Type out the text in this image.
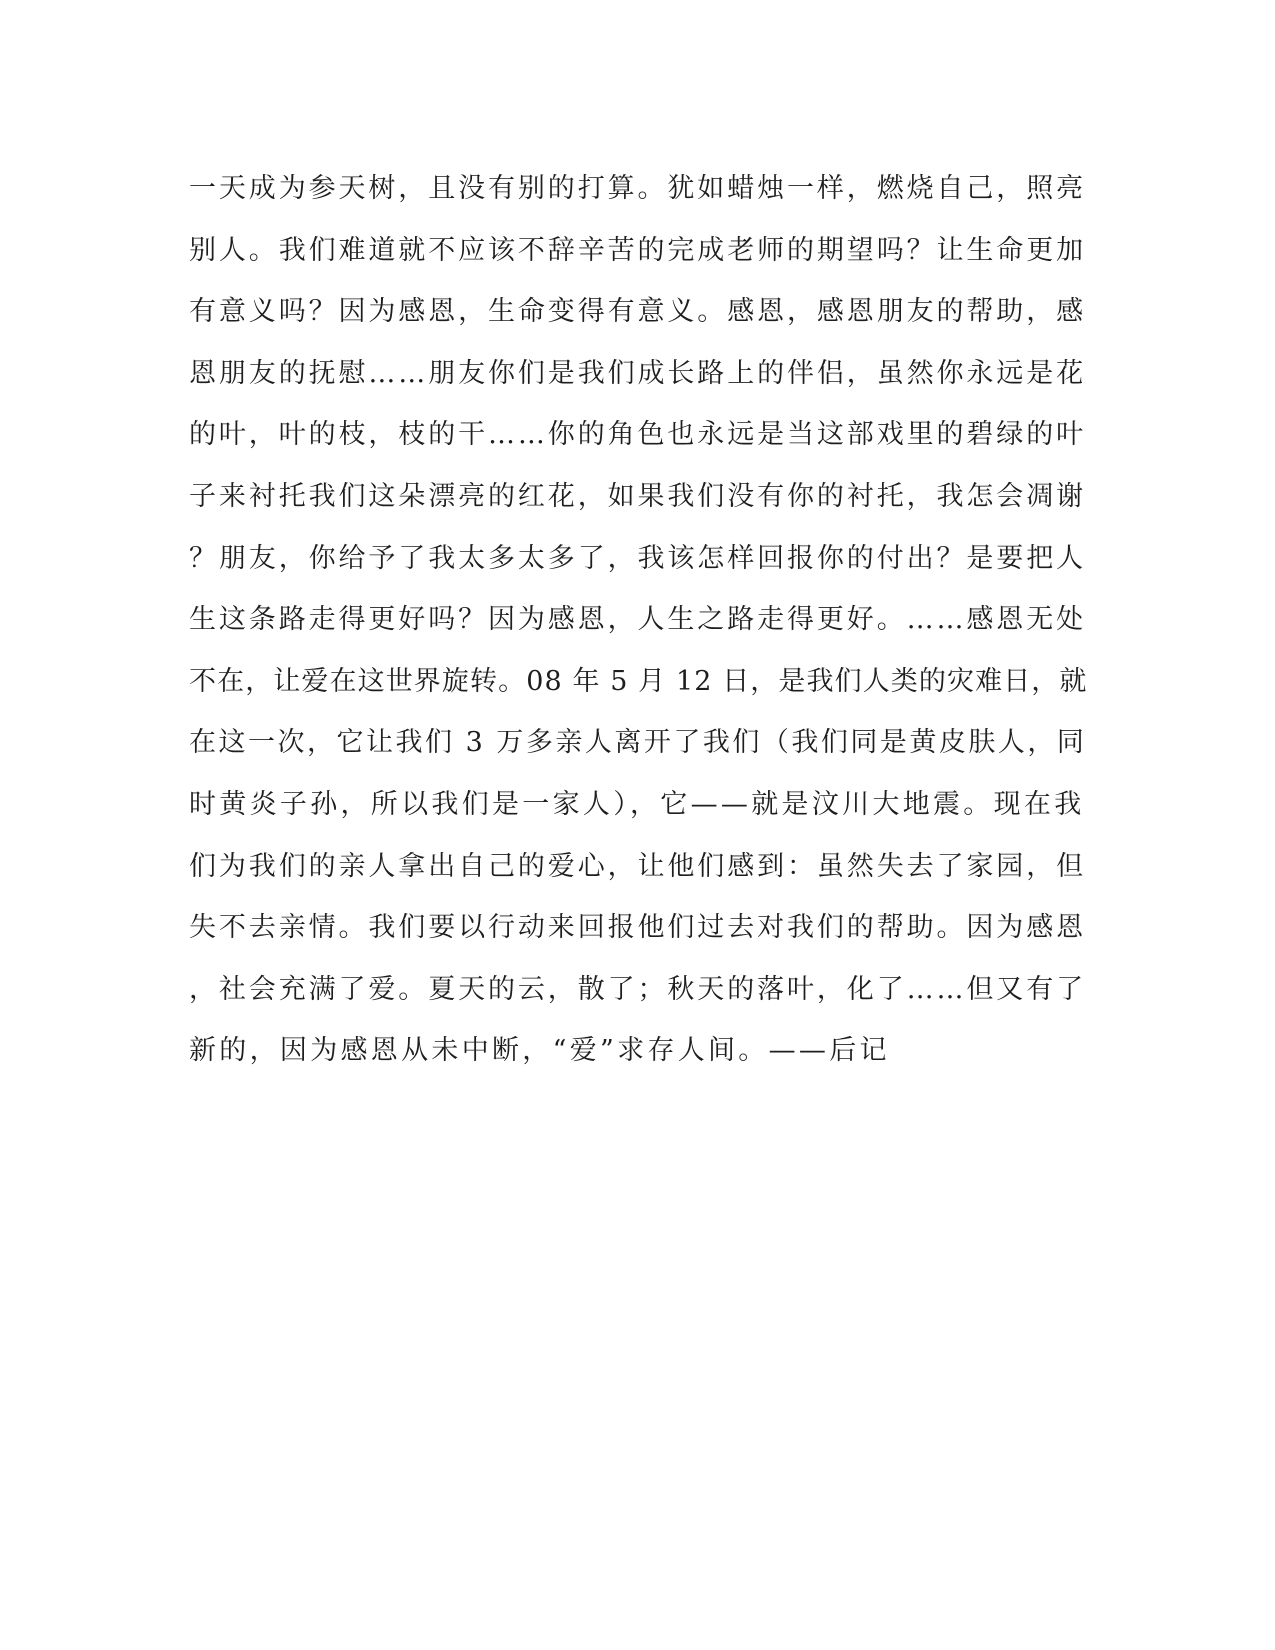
一天成为参天树，且没有别的打算。犹如蜡烛一样，燃烧自己，照亮
别人。我们难道就不应该不辞辛苦的完成老师的期望吗？让生命更加
有意义吗？因为感恩，生命变得有意义。感恩，感恩朋友的帮助，感
恩朋友的抚慰……朋友你们是我们成长路上的伴侣，虽然你永远是花
的叶，叶的枝，枝的干……你的角色也永远是当这部戏里的碧绿的叶
子来衬托我们这朵漂亮的红花，如果我们没有你的衬托，我怎会凋谢
？朋友，你给予了我太多太多了，我该怎样回报你的付出？是要把人
生这条路走得更好吗？因为感恩，人生之路走得更好。……感恩无处
不在，让爱在这世界旋转。08 年 5 月 12 日，是我们人类的灾难日，就
在这一次，它让我们 3 万多亲人离开了我们（我们同是黄皮肤人，同
时黄炎子孙，所以我们是一家人），它——就是汶川大地震。现在我
们为我们的亲人拿出自己的爱心，让他们感到：虽然失去了家园，但
失不去亲情。我们要以行动来回报他们过去对我们的帮助。因为感恩
，社会充满了爱。夏天的云，散了；秋天的落叶，化了……但又有了
新的，因为感恩从未中断，“爱”求存人间。——后记
